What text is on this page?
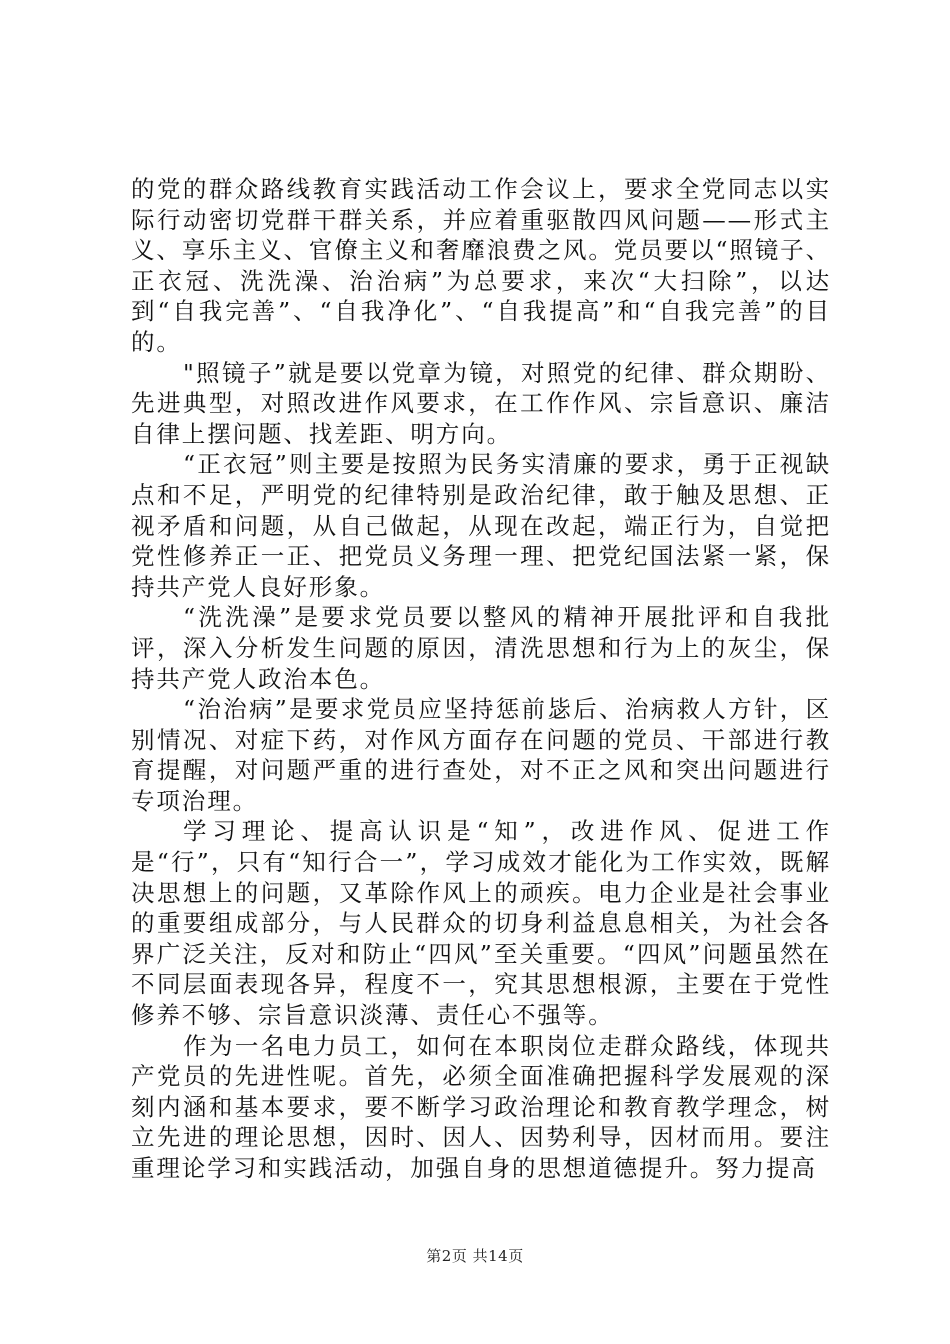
的党的群众路线教育实践活动工作会议上，要求全党同志以实际行动密切党群干群关系，并应着重驱散四风问题——形式主义、享乐主义、官僚主义和奢靡浪费之风。党员要以“照镜子、正衣冠、洗洗澡、治治病”为总要求，来次“大扫除”，以达到“自我完善”、“自我净化”、“自我提高”和“自我完善”的目的。

"照镜子”就是要以党章为镜，对照党的纪律、群众期盼、先进典型，对照改进作风要求，在工作作风、宗旨意识、廉洁自律上摆问题、找差距、明方向。

“正衣冠”则主要是按照为民务实清廉的要求，勇于正视缺点和不足，严明党的纪律特别是政治纪律，敢于触及思想、正视矛盾和问题，从自己做起，从现在改起，端正行为，自觉把党性修养正一正、把党员义务理一理、把党纪国法紧一紧，保持共产党人良好形象。

“洗洗澡”是要求党员要以整风的精神开展批评和自我批评，深入分析发生问题的原因，清洗思想和行为上的灰尘，保持共产党人政治本色。

“治治病”是要求党员应坚持惩前毖后、治病救人方针，区别情况、对症下药，对作风方面存在问题的党员、干部进行教育提醒，对问题严重的进行查处，对不正之风和突出问题进行专项治理。

学习理论、提高认识是“知”，改进作风、促进工作是“行”，只有“知行合一”，学习成效才能化为工作实效，既解决思想上的问题，又革除作风上的顽疾。电力企业是社会事业的重要组成部分，与人民群众的切身利益息息相关，为社会各界广泛关注，反对和防止“四风”至关重要。“四风”问题虽然在不同层面表现各异，程度不一，究其思想根源，主要在于党性修养不够、宗旨意识淡薄、责任心不强等。

作为一名电力员工，如何在本职岗位走群众路线，体现共产党员的先进性呢。首先，必须全面准确把握科学发展观的深刻内涵和基本要求，要不断学习政治理论和教育教学理念，树立先进的理论思想，因时、因人、因势利导，因材而用。要注重理论学习和实践活动，加强自身的思想道德提升。努力提高

第2页 共14页
